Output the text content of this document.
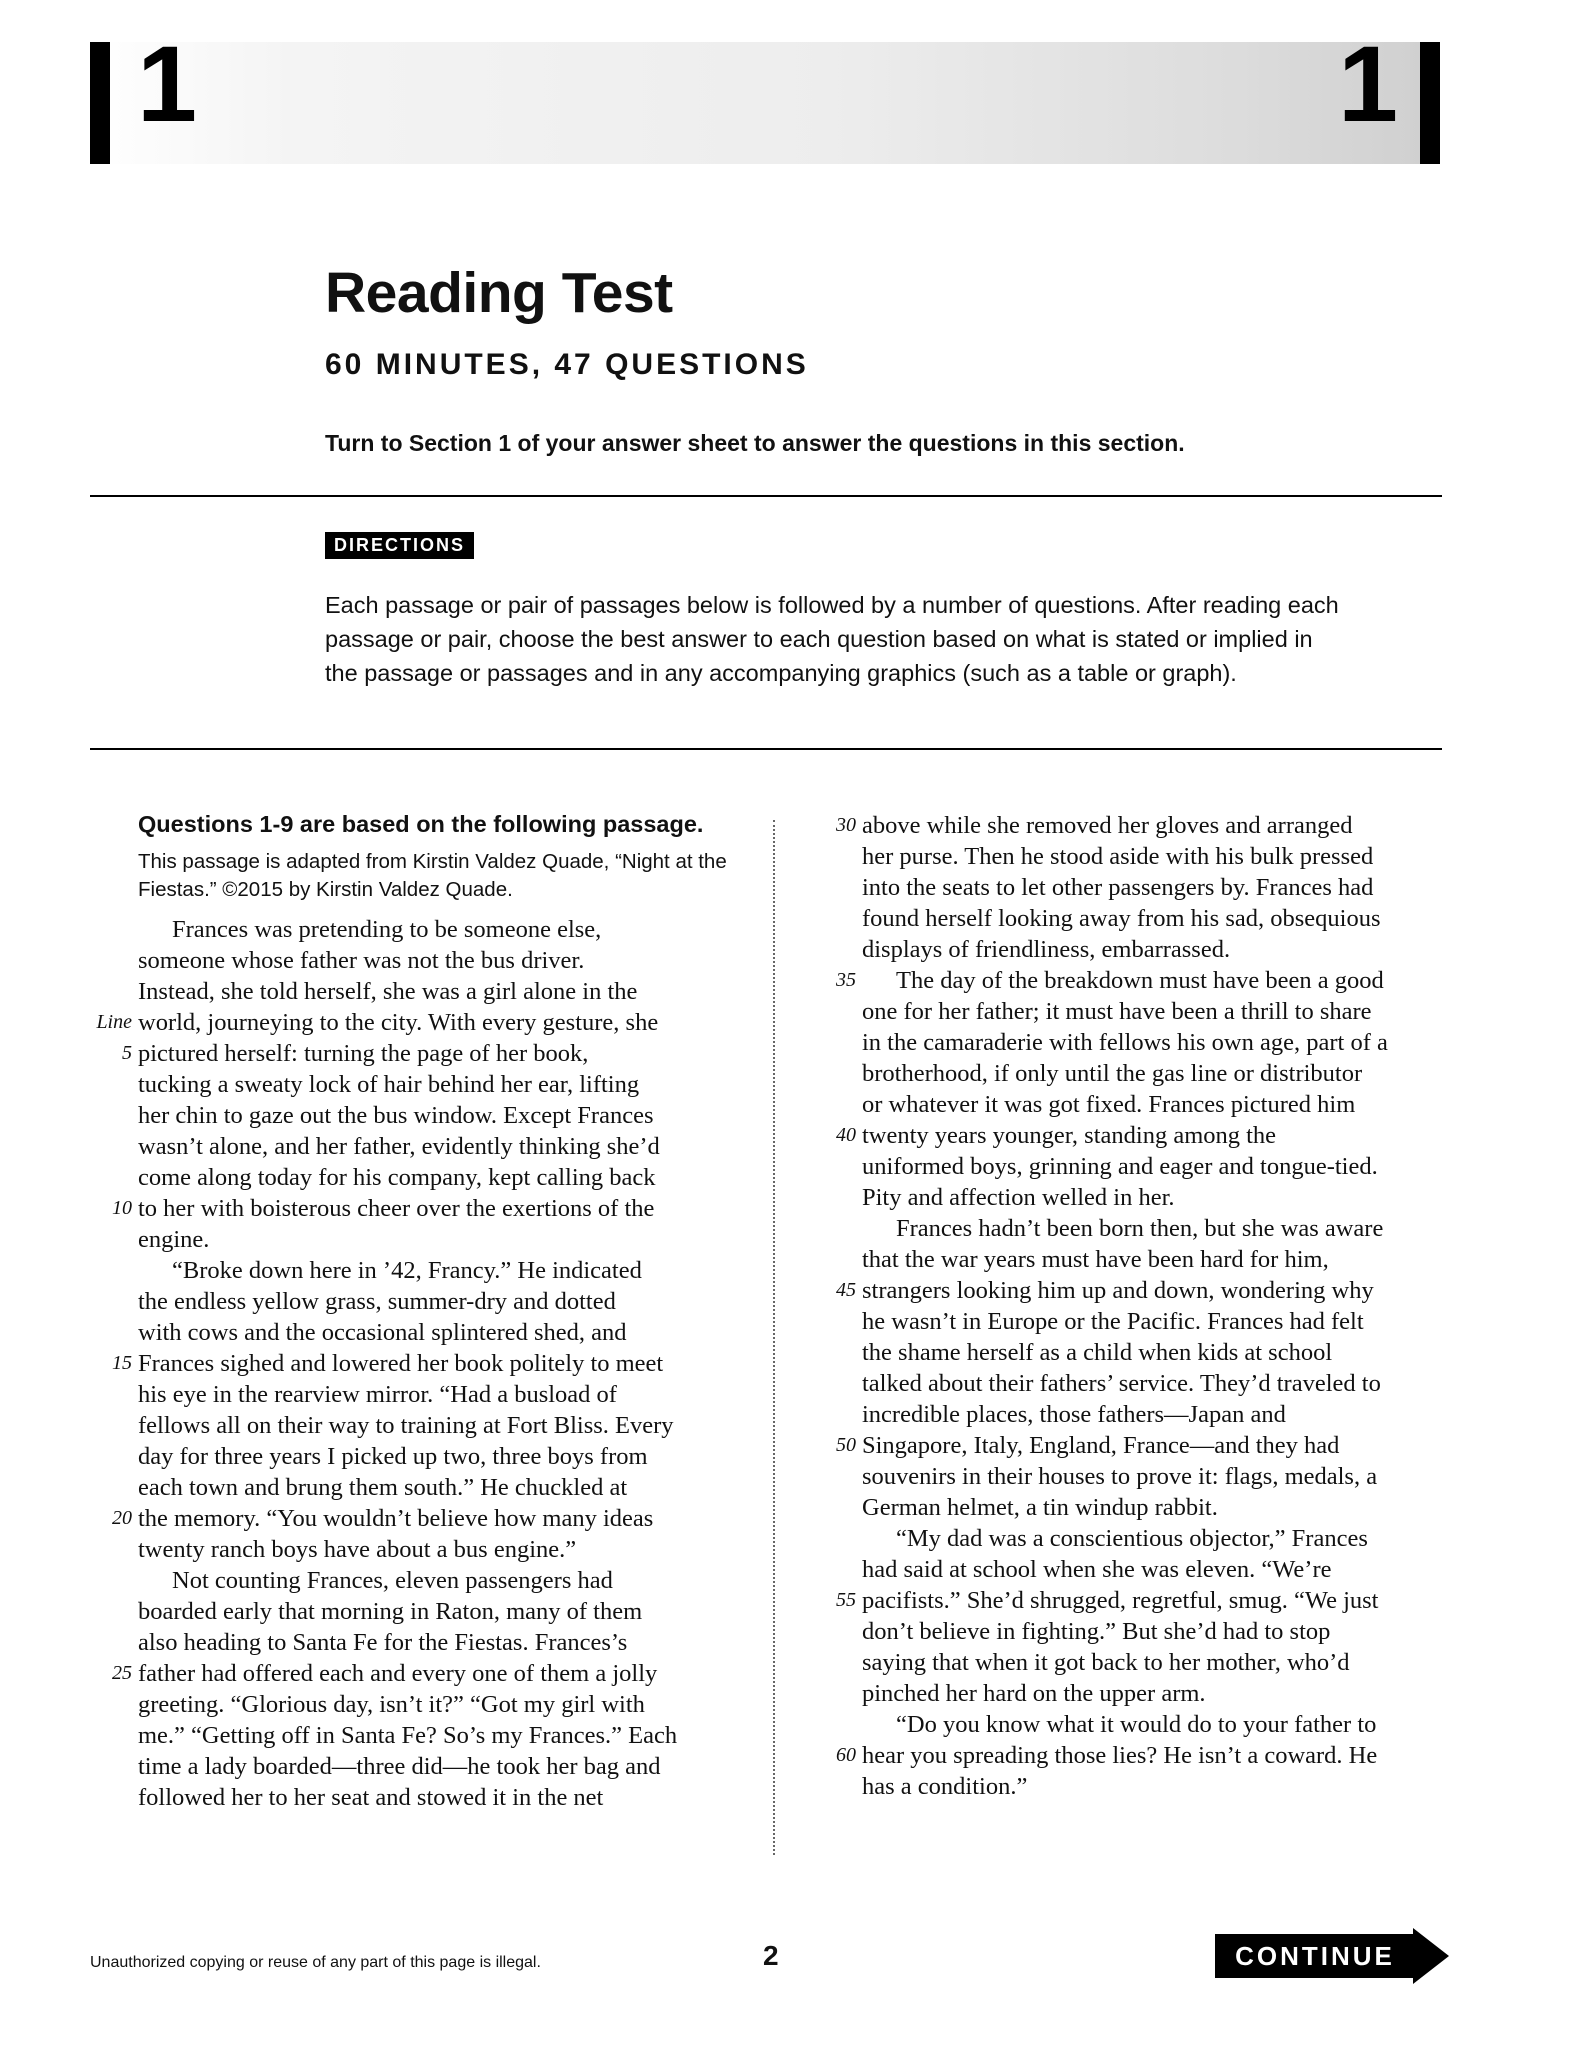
1	1
Reading Test
60 MINUTES, 47 QUESTIONS
Turn to Section 1 of your answer sheet to answer the questions in this section.
DIRECTIONS
Each passage or pair of passages below is followed by a number of questions. After reading each passage or pair, choose the best answer to each question based on what is stated or implied in the passage or passages and in any accompanying graphics (such as a table or graph).

Questions 1-9 are based on the following passage.

This passage is adapted from Kirstin Valdez Quade, “Night at the Fiestas.” ©2015 by Kirstin Valdez Quade.

Frances was pretending to be someone else,

someone whose father was not the bus driver.

Instead, she told herself, she was a girl alone in the

Line world, journeying to the city. With every gesture, she

5 pictured herself: turning the page of her book,

tucking a sweaty lock of hair behind her ear, lifting

her chin to gaze out the bus window. Except Frances

wasn’t alone, and her father, evidently thinking she’d

come along today for his company, kept calling back

10 to her with boisterous cheer over the exertions of the

engine.

“Broke down here in ’42, Francy.” He indicated

the endless yellow grass, summer-dry and dotted

with cows and the occasional splintered shed, and

15 Frances sighed and lowered her book politely to meet

his eye in the rearview mirror. “Had a busload of

fellows all on their way to training at Fort Bliss. Every

day for three years I picked up two, three boys from

each town and brung them south.” He chuckled at

20 the memory. “You wouldn’t believe how many ideas

twenty ranch boys have about a bus engine.”

Not counting Frances, eleven passengers had

boarded early that morning in Raton, many of them

also heading to Santa Fe for the Fiestas. Frances’s

25 father had offered each and every one of them a jolly

greeting. “Glorious day, isn’t it?” “Got my girl with

me.” “Getting off in Santa Fe? So’s my Frances.” Each

time a lady boarded—three did—he took her bag and

followed her to her seat and stowed it in the net

30 above while she removed her gloves and arranged

her purse. Then he stood aside with his bulk pressed

into the seats to let other passengers by. Frances had

found herself looking away from his sad, obsequious

displays of friendliness, embarrassed.

35 The day of the breakdown must have been a good

one for her father; it must have been a thrill to share

in the camaraderie with fellows his own age, part of a

brotherhood, if only until the gas line or distributor

or whatever it was got fixed. Frances pictured him

40 twenty years younger, standing among the

uniformed boys, grinning and eager and tongue-tied.

Pity and affection welled in her.

Frances hadn’t been born then, but she was aware

that the war years must have been hard for him,

45 strangers looking him up and down, wondering why

he wasn’t in Europe or the Pacific. Frances had felt

the shame herself as a child when kids at school

talked about their fathers’ service. They’d traveled to

incredible places, those fathers—Japan and

50 Singapore, Italy, England, France—and they had

souvenirs in their houses to prove it: flags, medals, a

German helmet, a tin windup rabbit.

“My dad was a conscientious objector,” Frances

had said at school when she was eleven. “We’re

55 pacifists.” She’d shrugged, regretful, smug. “We just

don’t believe in fighting.” But she’d had to stop

saying that when it got back to her mother, who’d

pinched her hard on the upper arm.

“Do you know what it would do to your father to

60 hear you spreading those lies? He isn’t a coward. He

has a condition.”

Unauthorized copying or reuse of any part of this page is illegal.	2	CONTINUE
